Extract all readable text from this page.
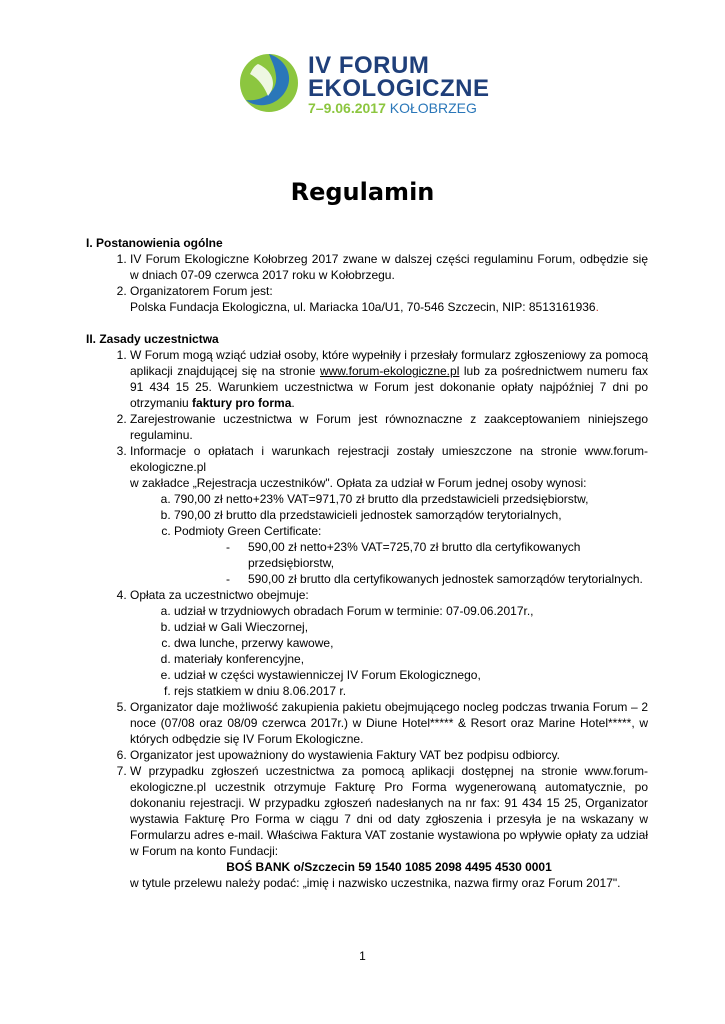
IV FORUM
EKOLOGICZNE
7–9.06.2017 KOŁOBRZEG
Regulamin
I. Postanowienia ogólne
1. IV Forum Ekologiczne Kołobrzeg 2017 zwane w dalszej części regulaminu Forum, odbędzie się w dniach 07-09 czerwca 2017 roku w Kołobrzegu.
2. Organizatorem Forum jest:
Polska Fundacja Ekologiczna, ul. Mariacka 10a/U1, 70-546 Szczecin, NIP: 8513161936.
II. Zasady uczestnictwa
1. W Forum mogą wziąć udział osoby, które wypełniły i przesłały formularz zgłoszeniowy za pomocą aplikacji znajdującej się na stronie www.forum-ekologiczne.pl lub za pośrednictwem numeru fax 91 434 15 25. Warunkiem uczestnictwa w Forum jest dokonanie opłaty najpóźniej 7 dni po otrzymaniu faktury pro forma.
2. Zarejestrowanie uczestnictwa w Forum jest równoznaczne z zaakceptowaniem niniejszego regulaminu.
3. Informacje o opłatach i warunkach rejestracji zostały umieszczone na stronie www.forum-ekologiczne.pl
w zakładce „Rejestracja uczestników". Opłata za udział w Forum jednej osoby wynosi:
a. 790,00 zł netto+23% VAT=971,70 zł brutto dla przedstawicieli przedsiębiorstw,
b. 790,00 zł brutto dla przedstawicieli jednostek samorządów terytorialnych,
c. Podmioty Green Certificate:
- 590,00 zł netto+23% VAT=725,70 zł brutto dla certyfikowanych przedsiębiorstw,
- 590,00 zł brutto dla certyfikowanych jednostek samorządów terytorialnych.
4. Opłata za uczestnictwo obejmuje:
a. udział w trzydniowych obradach Forum w terminie: 07-09.06.2017r.,
b. udział w Gali Wieczornej,
c. dwa lunche, przerwy kawowe,
d. materiały konferencyjne,
e. udział w części wystawienniczej IV Forum Ekologicznego,
f. rejs statkiem w dniu 8.06.2017 r.
5. Organizator daje możliwość zakupienia pakietu obejmującego nocleg podczas trwania Forum – 2 noce (07/08 oraz 08/09 czerwca 2017r.) w Diune Hotel***** & Resort oraz Marine Hotel*****, w których odbędzie się IV Forum Ekologiczne.
6. Organizator jest upoważniony do wystawienia Faktury VAT bez podpisu odbiorcy.
7. W przypadku zgłoszeń uczestnictwa za pomocą aplikacji dostępnej na stronie www.forum-ekologiczne.pl uczestnik otrzymuje Fakturę Pro Forma wygenerowaną automatycznie, po dokonaniu rejestracji. W przypadku zgłoszeń nadesłanych na nr fax: 91 434 15 25, Organizator wystawia Fakturę Pro Forma w ciągu 7 dni od daty zgłoszenia i przesyła je na wskazany w Formularzu adres e-mail. Właściwa Faktura VAT zostanie wystawiona po wpływie opłaty za udział w Forum na konto Fundacji:
BOŚ BANK o/Szczecin 59 1540 1085 2098 4495 4530 0001
w tytule przelewu należy podać: „imię i nazwisko uczestnika, nazwa firmy oraz Forum 2017".
1
